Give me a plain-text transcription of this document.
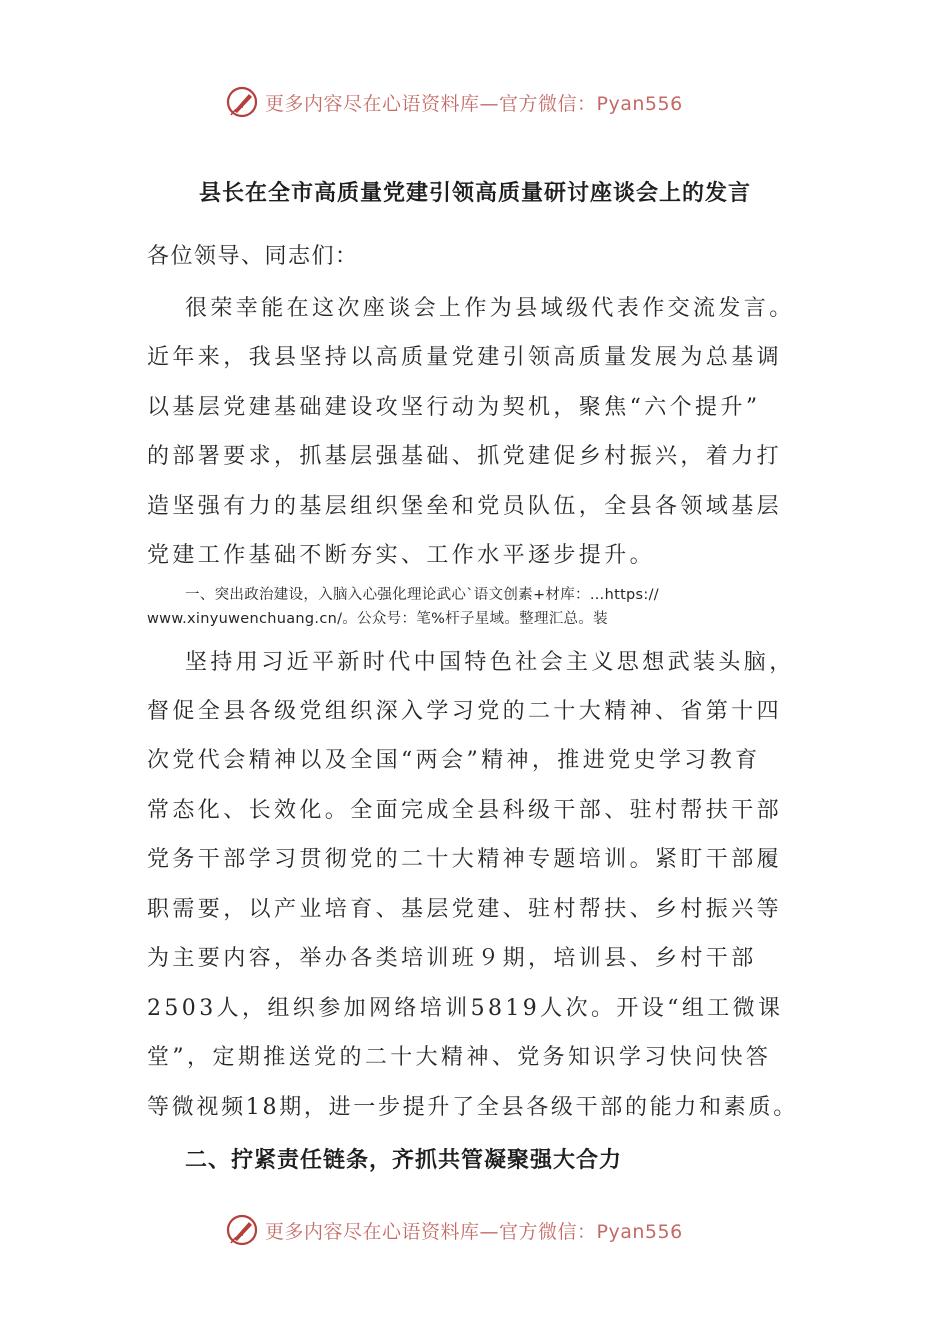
更多内容尽在心语资料库—官方微信：Pyan556
县长在全市高质量党建引领高质量研讨座谈会上的发言

各位领导、同志们：

很荣幸能在这次座谈会上作为县域级代表作交流发言。

近年来，我县坚持以高质量党建引领高质量发展为总基调

以基层党建基础建设攻坚行动为契机，聚焦“六个提升”

的部署要求，抓基层强基础、抓党建促乡村振兴，着力打

造坚强有力的基层组织堡垒和党员队伍，全县各领域基层

党建工作基础不断夯实、工作水平逐步提升。

一、突出政治建设，入脑入心强化理论武心`语文创素+材库：…https://

www.xinyuwenchuang.cn/。公众号：笔%杆子星域。整理汇总。装

坚持用习近平新时代中国特色社会主义思想武装头脑，

督促全县各级党组织深入学习党的二十大精神、省第十四

次党代会精神以及全国“两会”精神，推进党史学习教育

常态化、长效化。全面完成全县科级干部、驻村帮扶干部

党务干部学习贯彻党的二十大精神专题培训。紧盯干部履

职需要，以产业培育、基层党建、驻村帮扶、乡村振兴等

为主要内容，举办各类培训班９期，培训县、乡村干部

2503人，组织参加网络培训5819人次。开设“组工微课

堂”，定期推送党的二十大精神、党务知识学习快问快答

等微视频18期，进一步提升了全县各级干部的能力和素质。

二、拧紧责任链条，齐抓共管凝聚强大合力

更多内容尽在心语资料库—官方微信：Pyan556
